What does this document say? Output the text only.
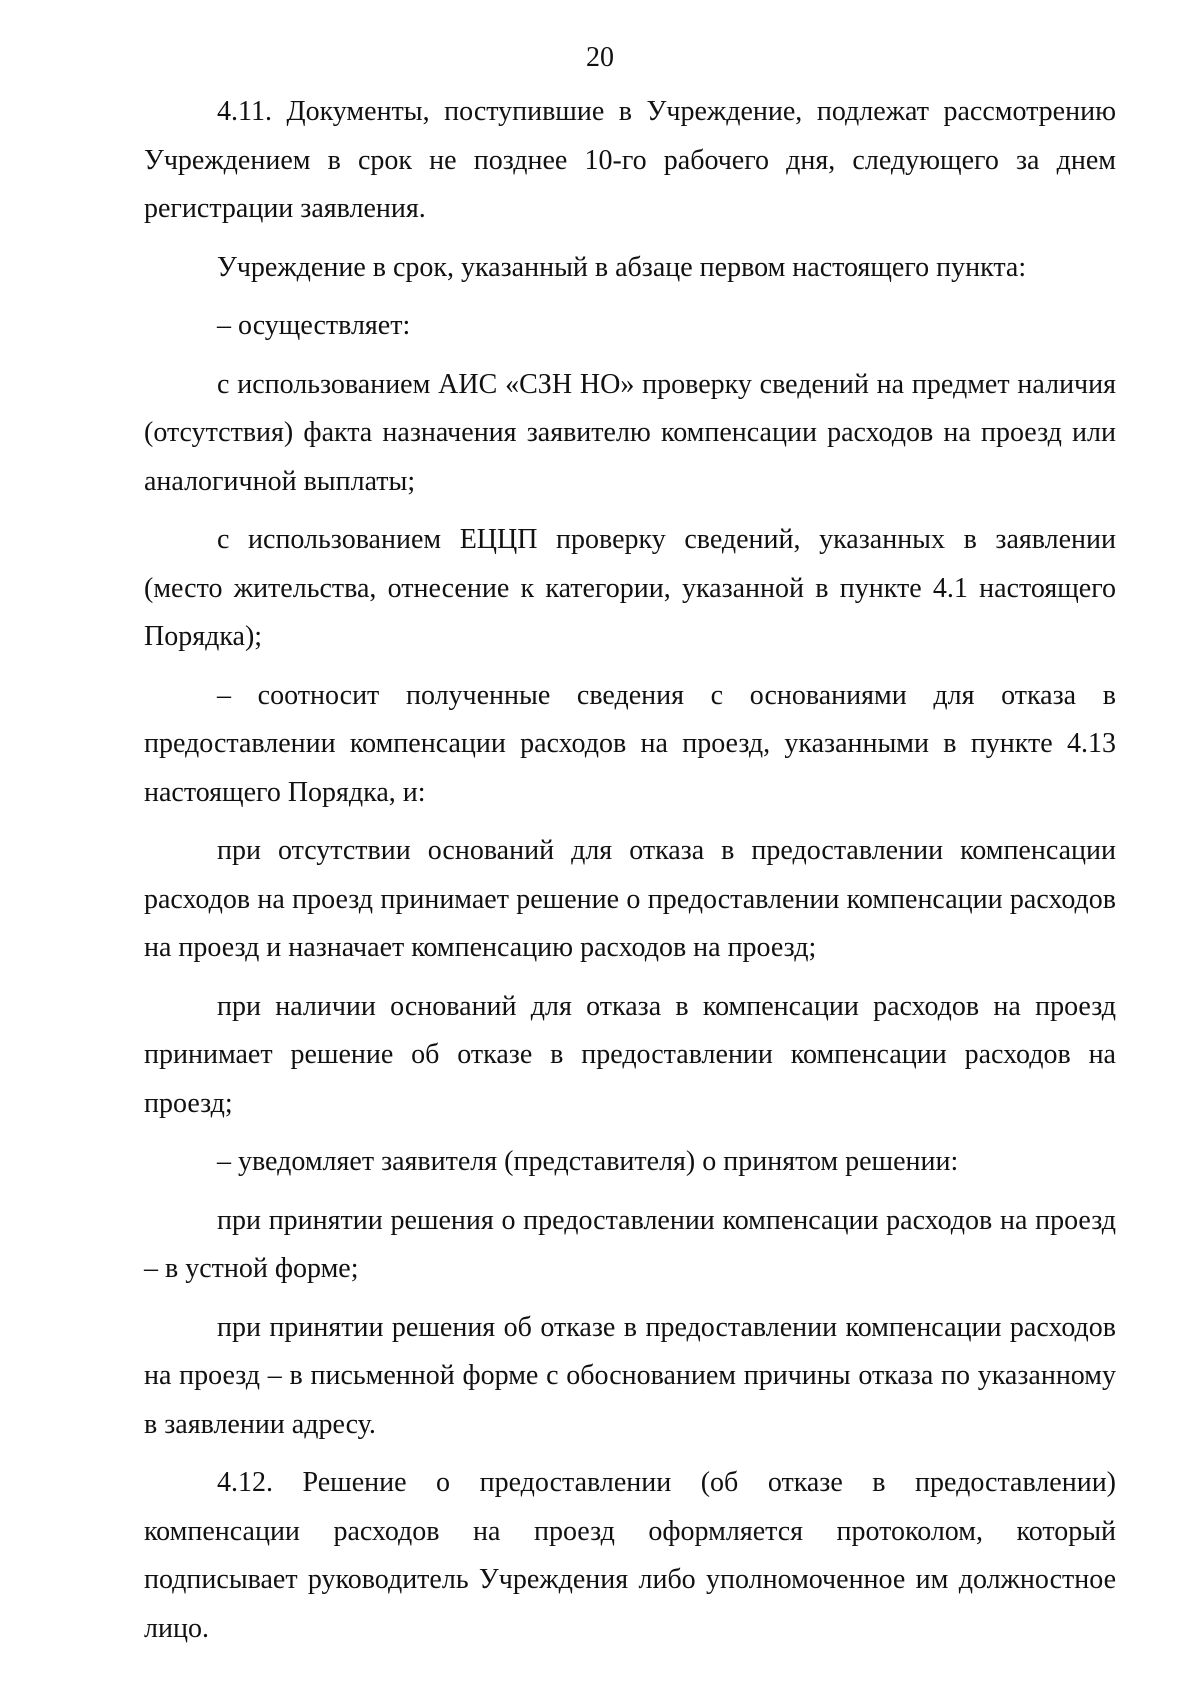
20

4.11. Документы, поступившие в Учреждение, подлежат рассмотрению Учреждением в срок не позднее 10-го рабочего дня, следующего за днем регистрации заявления.

Учреждение в срок, указанный в абзаце первом настоящего пункта:

– осуществляет:

с использованием АИС «СЗН НО» проверку сведений на предмет наличия (отсутствия) факта назначения заявителю компенсации расходов на проезд или аналогичной выплаты;

с использованием ЕЦЦП проверку сведений, указанных в заявлении (место жительства, отнесение к категории, указанной в пункте 4.1 настоящего Порядка);

– соотносит полученные сведения с основаниями для отказа в предоставлении компенсации расходов на проезд, указанными в пункте 4.13 настоящего Порядка, и:

при отсутствии оснований для отказа в предоставлении компенсации расходов на проезд принимает решение о предоставлении компенсации расходов на проезд и назначает компенсацию расходов на проезд;

при наличии оснований для отказа в компенсации расходов на проезд принимает решение об отказе в предоставлении компенсации расходов на проезд;

– уведомляет заявителя (представителя) о принятом решении:

при принятии решения о предоставлении компенсации расходов на проезд – в устной форме;

при принятии решения об отказе в предоставлении компенсации расходов на проезд – в письменной форме с обоснованием причины отказа по указанному в заявлении адресу.

4.12. Решение о предоставлении (об отказе в предоставлении) компенсации расходов на проезд оформляется протоколом, который подписывает руководитель Учреждения либо уполномоченное им должностное лицо.
